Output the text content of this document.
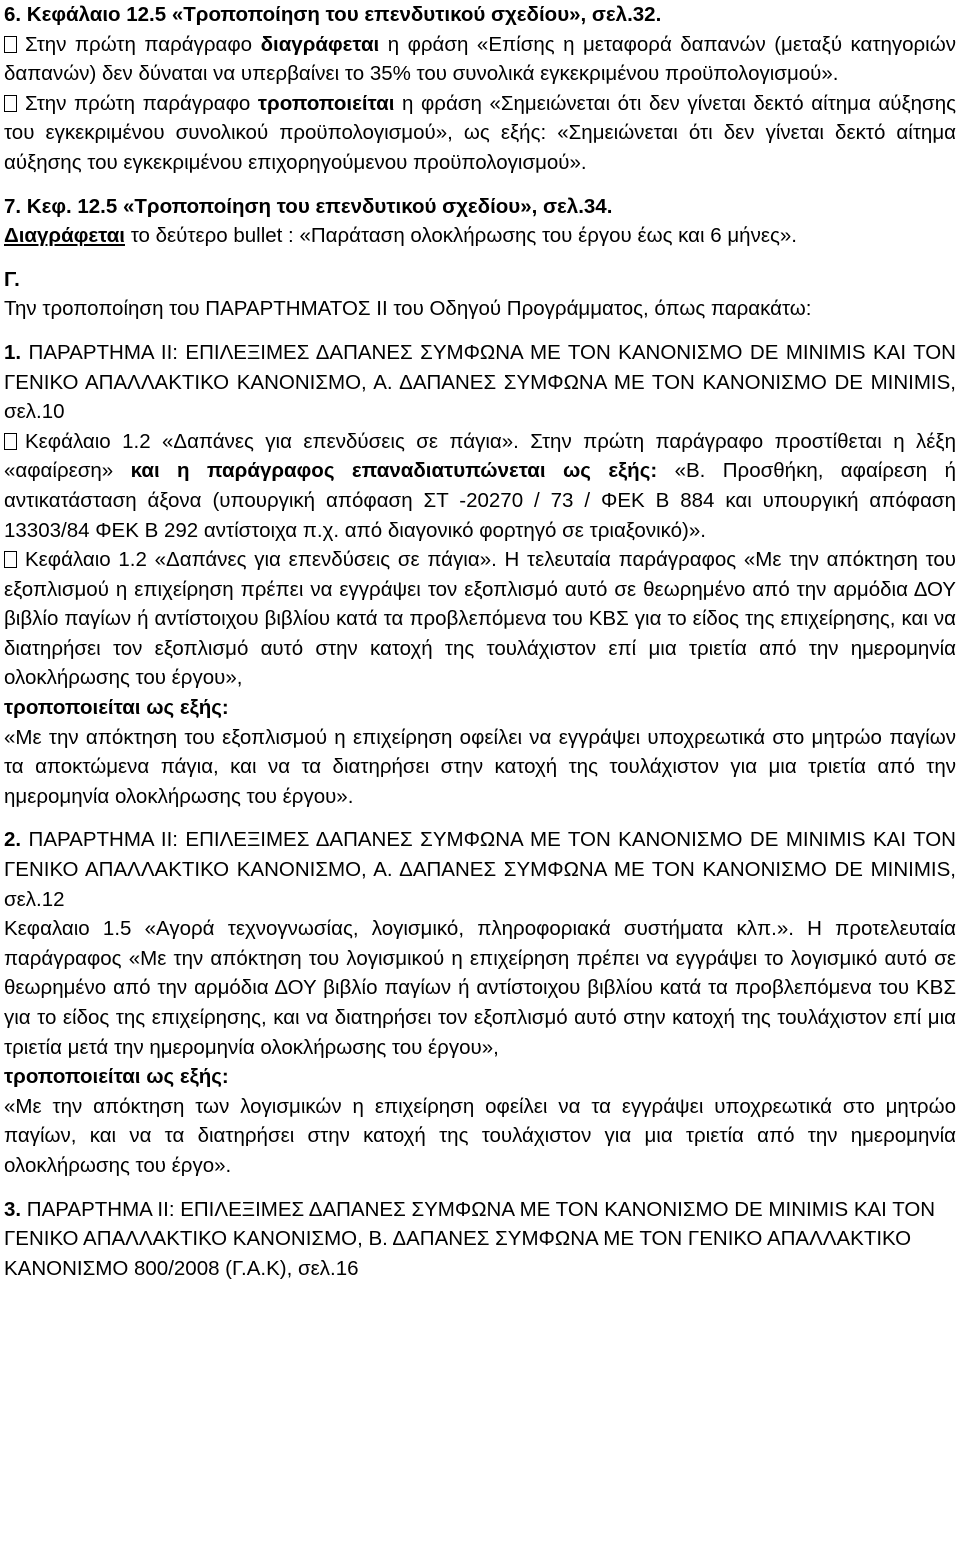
6. Κεφάλαιο 12.5 «Τροποποίηση του επενδυτικού σχεδίου», σελ.32.

Στην πρώτη παράγραφο διαγράφεται η φράση «Επίσης η μεταφορά δαπανών (μεταξύ κατηγοριών δαπανών) δεν δύναται να υπερβαίνει το 35% του συνολικά εγκεκριμένου προϋπολογισμού».

Στην πρώτη παράγραφο τροποποιείται η φράση «Σημειώνεται ότι δεν γίνεται δεκτό αίτημα αύξησης του εγκεκριμένου συνολικού προϋπολογισμού», ως εξής: «Σημειώνεται ότι δεν γίνεται δεκτό αίτημα αύξησης του εγκεκριμένου επιχορηγούμενου προϋπολογισμού».

7. Κεφ. 12.5 «Τροποποίηση του επενδυτικού σχεδίου», σελ.34.

Διαγράφεται το δεύτερο bullet : «Παράταση ολοκλήρωσης του έργου έως και 6 μήνες».

Γ.

Την τροποποίηση του ΠΑΡΑΡΤΗΜΑΤΟΣ ΙΙ του Οδηγού Προγράμματος, όπως παρακάτω:

1. ΠΑΡΑΡΤΗΜΑ ΙΙ: ΕΠΙΛΕΞΙΜΕΣ ΔΑΠΑΝΕΣ ΣΥΜΦΩΝΑ ΜΕ ΤΟΝ ΚΑΝΟΝΙΣΜΟ DE MINIMIS ΚΑΙ ΤΟΝ ΓΕΝΙΚΟ ΑΠΑΛΛΑΚΤΙΚΟ ΚΑΝΟΝΙΣΜΟ, Α. ΔΑΠΑΝΕΣ ΣΥΜΦΩΝΑ ΜΕ ΤΟΝ ΚΑΝΟΝΙΣΜΟ DE MINIMIS, σελ.10

Κεφάλαιο 1.2 «Δαπάνες για επενδύσεις σε πάγια». Στην πρώτη παράγραφο προστίθεται η λέξη «αφαίρεση» και η παράγραφος επαναδιατυπώνεται ως εξής: «Β. Προσθήκη, αφαίρεση ή αντικατάσταση άξονα (υπουργική απόφαση ΣΤ -20270 / 73 / ΦΕΚ Β 884 και υπουργική απόφαση 13303/84 ΦΕΚ Β 292 αντίστοιχα π.χ. από διαγονικό φορτηγό σε τριαξονικό)».

Κεφάλαιο 1.2 «Δαπάνες για επενδύσεις σε πάγια». Η τελευταία παράγραφος «Με την απόκτηση του εξοπλισμού η επιχείρηση πρέπει να εγγράψει τον εξοπλισμό αυτό σε θεωρημένο από την αρμόδια ΔΟΥ βιβλίο παγίων ή αντίστοιχου βιβλίου κατά τα προβλεπόμενα του ΚΒΣ για το είδος της επιχείρησης, και να διατηρήσει τον εξοπλισμό αυτό στην κατοχή της τουλάχιστον επί μια τριετία από την ημερομηνία ολοκλήρωσης του έργου»,

τροποποιείται ως εξής:

«Με την απόκτηση του εξοπλισμού η επιχείρηση οφείλει να εγγράψει υποχρεωτικά στο μητρώο παγίων τα αποκτώμενα πάγια, και να τα διατηρήσει στην κατοχή της τουλάχιστον για μια τριετία από την ημερομηνία ολοκλήρωσης του έργου».

2. ΠΑΡΑΡΤΗΜΑ ΙΙ: ΕΠΙΛΕΞΙΜΕΣ ΔΑΠΑΝΕΣ ΣΥΜΦΩΝΑ ΜΕ ΤΟΝ ΚΑΝΟΝΙΣΜΟ DE MINIMIS ΚΑΙ ΤΟΝ ΓΕΝΙΚΟ ΑΠΑΛΛΑΚΤΙΚΟ ΚΑΝΟΝΙΣΜΟ, Α. ΔΑΠΑΝΕΣ ΣΥΜΦΩΝΑ ΜΕ ΤΟΝ ΚΑΝΟΝΙΣΜΟ DE MINIMIS, σελ.12

Κεφαλαιο 1.5 «Αγορά τεχνογνωσίας, λογισμικό, πληροφοριακά συστήματα κλπ.». Η προτελευταία παράγραφος «Με την απόκτηση του λογισμικού η επιχείρηση πρέπει να εγγράψει το λογισμικό αυτό σε θεωρημένο από την αρμόδια ΔΟΥ βιβλίο παγίων ή αντίστοιχου βιβλίου κατά τα προβλεπόμενα του ΚΒΣ για το είδος της επιχείρησης, και να διατηρήσει τον εξοπλισμό αυτό στην κατοχή της τουλάχιστον επί μια τριετία μετά την ημερομηνία ολοκλήρωσης του έργου»,

τροποποιείται ως εξής:

«Με την απόκτηση των λογισμικών η επιχείρηση οφείλει να τα εγγράψει υποχρεωτικά στο μητρώο παγίων, και να τα διατηρήσει στην κατοχή της τουλάχιστον για μια τριετία από την ημερομηνία ολοκλήρωσης του έργο».

3. ΠΑΡΑΡΤΗΜΑ ΙΙ: ΕΠΙΛΕΞΙΜΕΣ ΔΑΠΑΝΕΣ ΣΥΜΦΩΝΑ ΜΕ ΤΟΝ ΚΑΝΟΝΙΣΜΟ DE MINIMIS ΚΑΙ ΤΟΝ ΓΕΝΙΚΟ ΑΠΑΛΛΑΚΤΙΚΟ ΚΑΝΟΝΙΣΜΟ, Β. ΔΑΠΑΝΕΣ ΣΥΜΦΩΝΑ ΜΕ ΤΟΝ ΓΕΝΙΚΟ ΑΠΑΛΛΑΚΤΙΚΟ ΚΑΝΟΝΙΣΜΟ 800/2008 (Γ.Α.Κ), σελ.16
